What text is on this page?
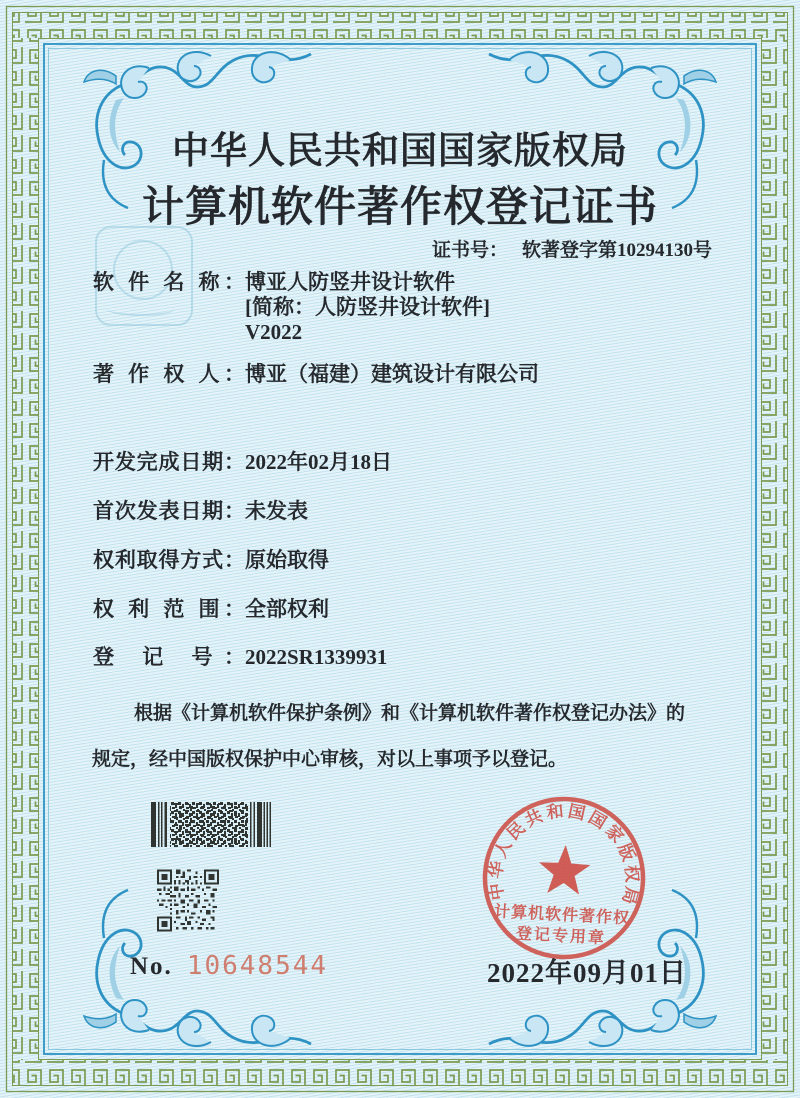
中华人民共和国国家版权局
计算机软件著作权登记证书
证书号： 软著登字第10294130号
软 件 名 称： 博亚人防竖井设计软件
[简称：人防竖井设计软件]
V2022
著 作 权 人： 博亚（福建）建筑设计有限公司
开发完成日期： 2022年02月18日
首次发表日期： 未发表
权利取得方式： 原始取得
权 利 范 围： 全部权利
登 记 号： 2022SR1339931
根据《计算机软件保护条例》和《计算机软件著作权登记办法》的
规定，经中国版权保护中心审核，对以上事项予以登记。
No. 10648544
中华人民共和国国家版权局
计算机软件著作权
登记专用章
2022年09月01日
